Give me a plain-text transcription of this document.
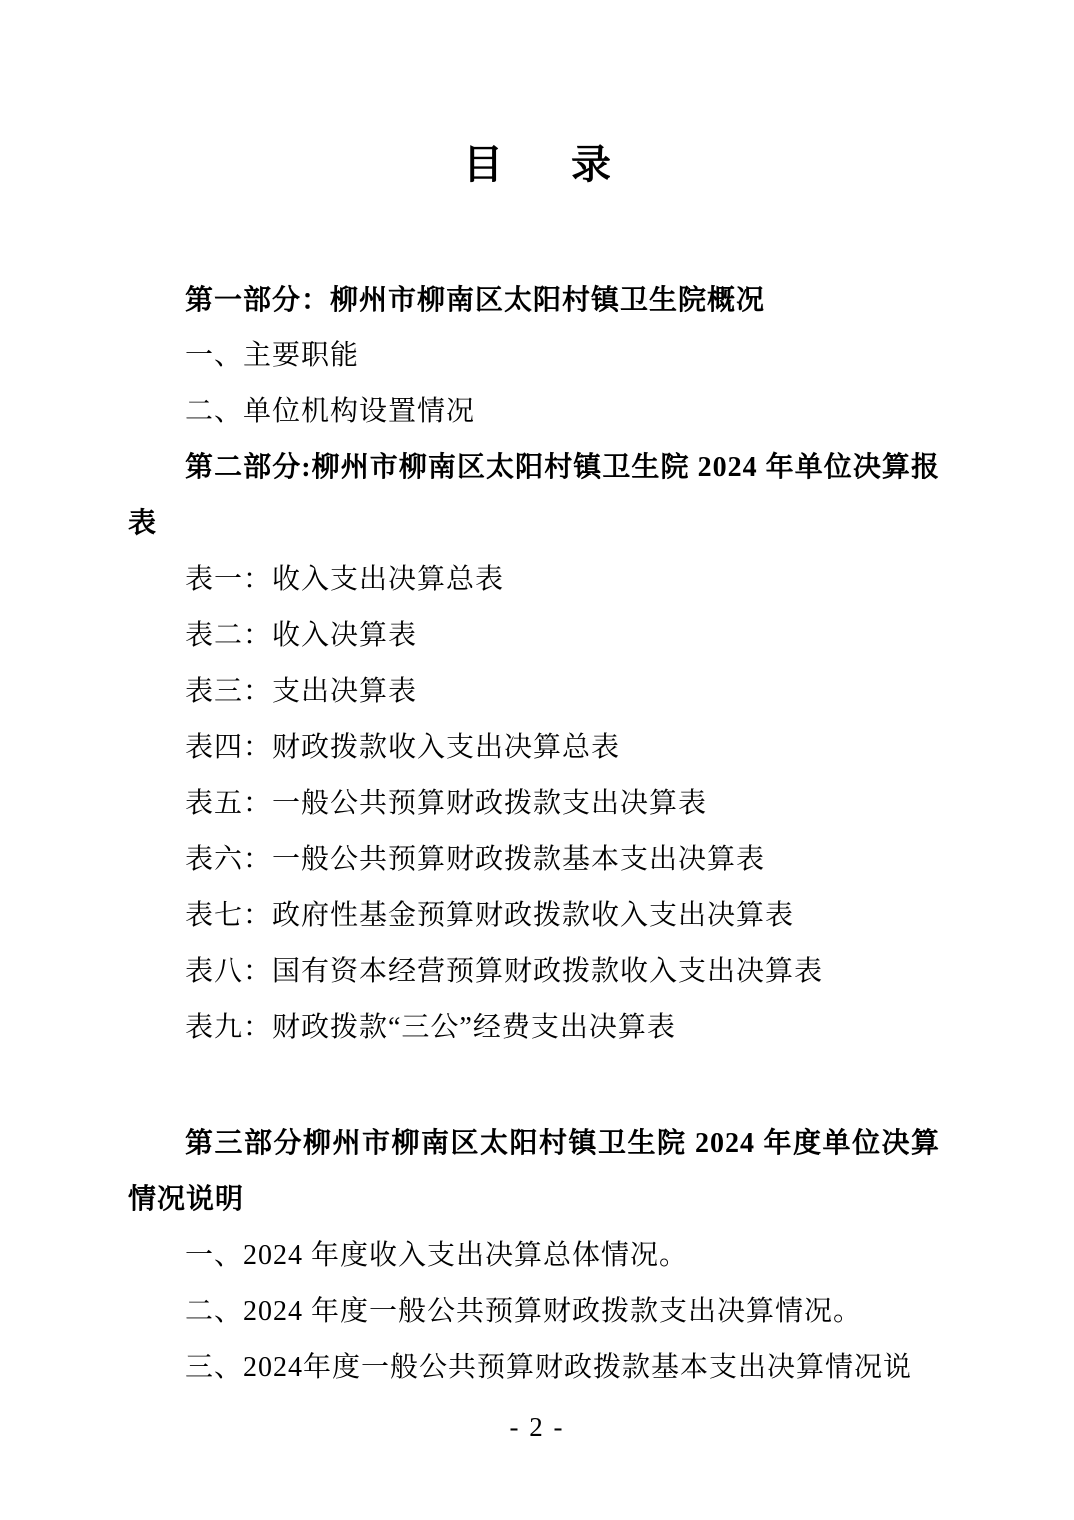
目　录

第一部分：柳州市柳南区太阳村镇卫生院概况

一、主要职能

二、单位机构设置情况

第二部分:柳州市柳南区太阳村镇卫生院 2024 年单位决算报表

表一：收入支出决算总表

表二：收入决算表

表三：支出决算表

表四：财政拨款收入支出决算总表

表五：一般公共预算财政拨款支出决算表

表六：一般公共预算财政拨款基本支出决算表

表七：政府性基金预算财政拨款收入支出决算表

表八：国有资本经营预算财政拨款收入支出决算表

表九：财政拨款“三公”经费支出决算表

第三部分柳州市柳南区太阳村镇卫生院 2024 年度单位决算情况说明

一、2024 年度收入支出决算总体情况。

二、2024 年度一般公共预算财政拨款支出决算情况。

三、2024年度一般公共预算财政拨款基本支出决算情况说

- 2 -
